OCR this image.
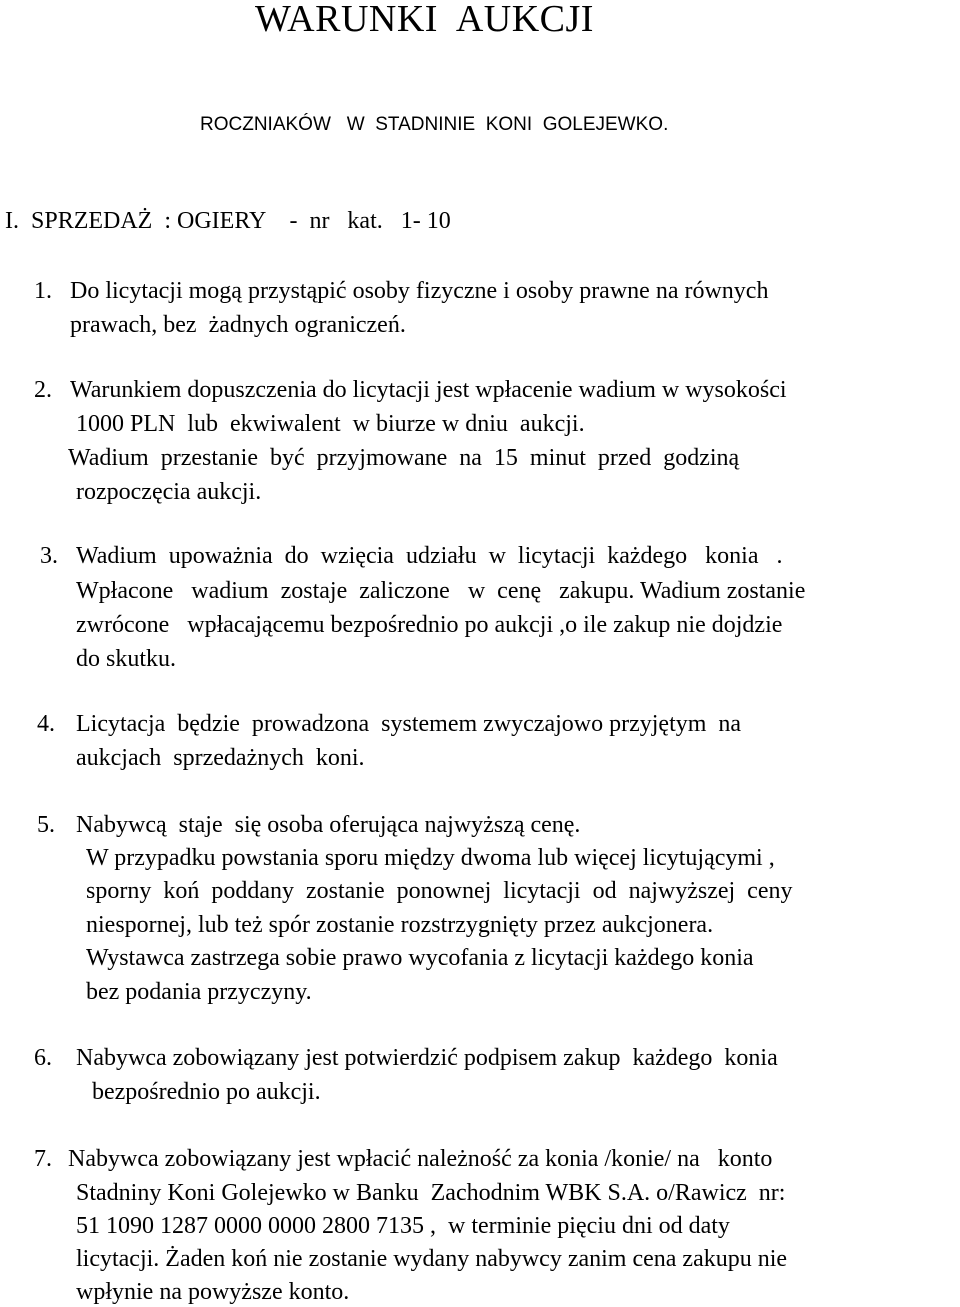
WARUNKI  AUKCJI
ROCZNIAKÓW   W  STADNINIE  KONI  GOLEJEWKO.
I.  SPRZEDAŻ  : OGIERY    -  nr   kat.   1- 10
1. Do licytacji mogą przystąpić osoby fizyczne i osoby prawne na równych
prawach, bez  żadnych ograniczeń.
2. Warunkiem dopuszczenia do licytacji jest wpłacenie wadium w wysokości
1000 PLN  lub  ekwiwalent  w biurze w dniu  aukcji.
Wadium  przestanie  być  przyjmowane  na  15  minut  przed  godziną
rozpoczęcia aukcji.
3. Wadium  upoważnia  do  wzięcia  udziału  w  licytacji  każdego   konia   .
Wpłacone   wadium  zostaje  zaliczone   w  cenę   zakupu. Wadium zostanie
zwrócone   wpłacającemu bezpośrednio po aukcji ,o ile zakup nie dojdzie
do skutku.
4. Licytacja  będzie  prowadzona  systemem zwyczajowo przyjętym  na
aukcjach  sprzedażnych  koni.
5. Nabywcą  staje  się osoba oferująca najwyższą cenę.
W przypadku powstania sporu między dwoma lub więcej licytującymi ,
sporny  koń  poddany  zostanie  ponownej  licytacji  od  najwyższej  ceny
niespornej, lub też spór zostanie rozstrzygnięty przez aukcjonera.
Wystawca zastrzega sobie prawo wycofania z licytacji każdego konia
bez podania przyczyny.
6. Nabywca zobowiązany jest potwierdzić podpisem zakup  każdego  konia
bezpośrednio po aukcji.
7. Nabywca zobowiązany jest wpłacić należność za konia /konie/ na   konto
Stadniny Koni Golejewko w Banku  Zachodnim WBK S.A. o/Rawicz  nr:
51 1090 1287 0000 0000 2800 7135 ,  w terminie pięciu dni od daty
licytacji. Żaden koń nie zostanie wydany nabywcy zanim cena zakupu nie
wpłynie na powyższe konto.
